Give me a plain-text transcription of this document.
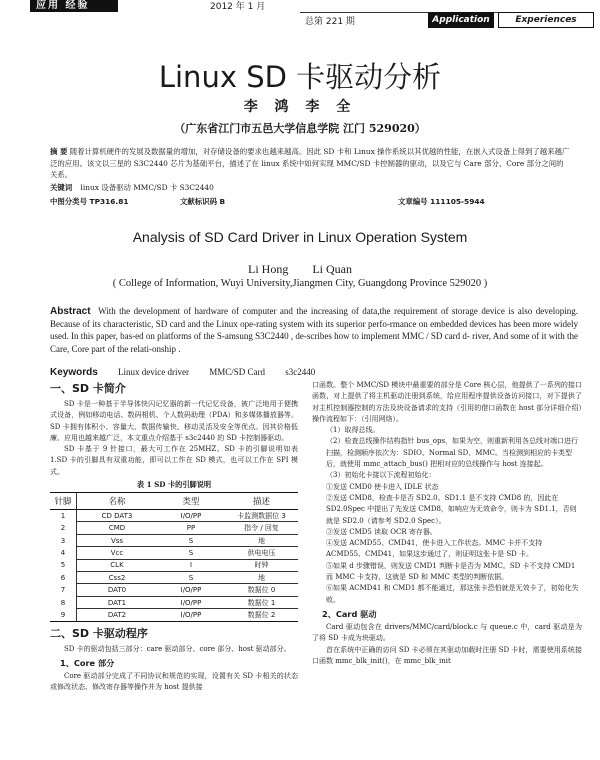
应用 经验	2012 年 1 月
总第 221 期	Application	Experiences
Linux SD 卡驱动分析
李 鸿 李 全
（广东省江门市五邑大学信息学院 江门 529020）
摘 要 随着计算机硬件的发展及数据量的增加，对存储设备的要求也越来越高。因此 SD 卡和 Linux 操作系统以其优越的性能，在嵌入式设备上得到了越来越广泛的应用。该文以三星的 S3C2440 芯片为基础平台，描述了在 linux 系统中如何实现 MMC/SD 卡控制器的驱动，以及它与 Care 部分、Core 部分之间的关系。
关键词 linux 设备驱动 MMC/SD 卡 S3C2440
中图分类号 TP316.81	文献标识码 B	文章编号 111105-5944
Analysis of SD Card Driver in Linux Operation System
Li Hong        Li Quan
( College of Information, Wuyi University,Jiangmen City, Guangdong Province 529020 )
Abstract With the development of hardware of computer and the increasing of data,the requirement of storage device is also developing. Because of its characteristic, SD card and the Linux ope-rating system with its superior perfo-rmance on embedded devices has been more widely used. In this paper, bas-ed on platforms of the S-amsung S3C2440 , de-scribes how to implement MMC / SD card d- river, And some of it with the Care, Core part of the relati-onship .
Keywords Linux device driver MMC/SD Card s3c2440
一、SD 卡简介

SD 卡是一种基于半导体快闪记忆器的新一代记忆设备，被广泛地用于便携式设备，例如移动电话、数码相机、个人数码助理（PDA）和多媒体播放器等。SD 卡拥有体积小、容量大、数据传输快、移动灵活及安全等优点。因其价格低廉、应用也越来越广泛，本文重点介绍基于 s3c2440 的 SD 卡控制器驱动。

SD 卡基于 9 针接口，最大可工作在 25MHZ。SD 卡的引脚说明如表 1.SD 卡的引脚具有双重功能，即可以工作在 SD 模式，也可以工作在 SPI 模式。

表 1 SD 卡的引脚说明
针脚	名称	类型	描述
1	CD DAT3	I/O/PP	卡监测数据位 3
2	CMD	PP	指令 / 回复
3	Vss	S	地
4	Vcc	S	供电电压
5	CLK	I	时钟
6	Css2	S	地
7	DAT0	I/O/PP	数据位 0
8	DAT1	I/O/PP	数据位 1
9	DAT2	I/O/PP	数据位 2
二、SD 卡驱动程序

SD 卡的驱动包括三部分：care 驱动部分、core 部分、host 驱动部分。

1、Core 部分

Core 驱动部分完成了不同协议和规范的实现，设置有关 SD 卡相关的状态或修改状态、修改寄存器等操作并为 host 提供接

口函数。整个 MMC/SD 模块中最重要的部分是 Core 核心层，他提供了一系列的接口函数，对上提供了将主机驱动注册到系统，给应用程序提供设备访问接口，对下提供了对主机控制器控制的方法及块设备请求的支持（引用的借口函数在 host 部分详细介绍）操作流程如下：（引用网络）。

（1）取得总线。

（2）检查总线操作结构指针 bus_ops，如果为空，则重新利用各总线对端口进行扫描，检测顺序依次为：SDIO、Normal SD、MMC。当检测到相应的卡类型后，就使用 mmc_attach_bus() 把相对应的总线操作与 host 连接起。

（3）初始化卡接以下流程初始化：

①发送 CMD0 使卡进入 IDLE 状态

②发送 CMD8，检查卡是否 SD2.0。SD1.1 是不支持 CMD8 的，因此在 SD2.0Spec 中提出了先发送 CMD8，如响应为无效命令，则卡为 SD1.1，否则就是 SD2.0（请参考 SD2.0 Spec）。

③发送 CMD5 读取 OCR 寄存器。

④发送 ACMD55、CMD41，使卡进入工作状态。MMC 卡并不支持 ACMD55、CMD41，如果这步通过了，则证明这张卡是 SD 卡。

⑤如果 d 步骤错误，则发送 CMD1 判断卡是否为 MMC。SD 卡不支持 CMD1 而 MMC 卡支持，这就是 SD 和 MMC 类型的判断依据。

⑥如果 ACMD41 和 CMD1 都不能通过，那这张卡恐怕就是无效卡了，初始化失败。

2、Card 驱动

Card 驱动包含在 drivers/MMC/card/block.c 与 queue.c 中，card 驱动是为了将 SD 卡成为块驱动。

首在系统中正确的访问 SD 卡必须在其驱动加载时注册 SD 卡时，需要使用系统接口函数 mmc_blk_init()，在 mmc_blk_init
